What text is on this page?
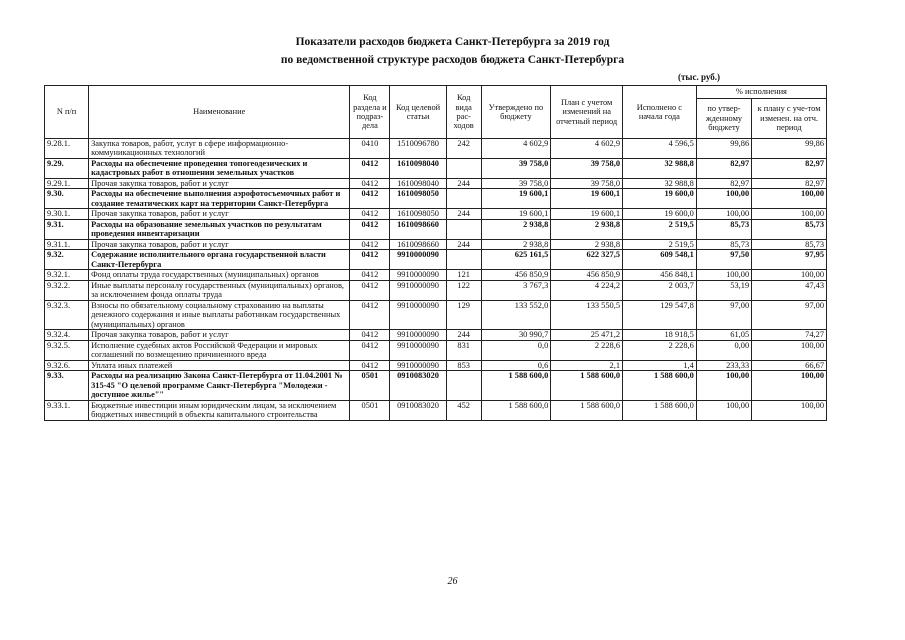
Показатели расходов бюджета Санкт-Петербурга за 2019 год
по ведомственной структуре расходов бюджета Санкт-Петербурга
(тыс. руб.)
N п/п	Наименование	Код раздела и подраз-дела	Код целевой статьи	Код вида рас-ходов	Утверждено по бюджету	План с учетом изменений на отчетный период	Исполнено с начала года	% исполнения	
								по утвер-жденному бюджету	к плану с уче-том изменен. на отч. период
9.28.1.	Закупка товаров, работ, услуг в сфере информационно-коммуникационных технологий	0410	1510096780	242	4 602,9	4 602,9	4 596,5	99,86	99,86
9.29.	Расходы на обеспечение проведения топогеодезических и кадастровых работ в отношении земельных участков	0412	1610098040		39 758,0	39 758,0	32 988,8	82,97	82,97
9.29.1.	Прочая закупка товаров, работ и услуг	0412	1610098040	244	39 758,0	39 758,0	32 988,8	82,97	82,97
9.30.	Расходы на обеспечение выполнения аэрофотосъемочных работ и создание тематических карт на территории Санкт-Петербурга	0412	1610098050		19 600,1	19 600,1	19 600,0	100,00	100,00
9.30.1.	Прочая закупка товаров, работ и услуг	0412	1610098050	244	19 600,1	19 600,1	19 600,0	100,00	100,00
9.31.	Расходы на образование земельных участков по результатам проведения инвентаризации	0412	1610098660		2 938,8	2 938,8	2 519,5	85,73	85,73
9.31.1.	Прочая закупка товаров, работ и услуг	0412	1610098660	244	2 938,8	2 938,8	2 519,5	85,73	85,73
9.32.	Содержание исполнительного органа государственной власти Санкт-Петербурга	0412	9910000090		625 161,5	622 327,5	609 548,1	97,50	97,95
9.32.1.	Фонд оплаты труда государственных (муниципальных) органов	0412	9910000090	121	456 850,9	456 850,9	456 848,1	100,00	100,00
9.32.2.	Иные выплаты персоналу государственных (муниципальных) органов, за исключением фонда оплаты труда	0412	9910000090	122	3 767,3	4 224,2	2 003,7	53,19	47,43
9.32.3.	Взносы по обязательному социальному страхованию на выплаты денежного содержания и иные выплаты работникам государственных (муниципальных) органов	0412	9910000090	129	133 552,0	133 550,5	129 547,8	97,00	97,00
9.32.4.	Прочая закупка товаров, работ и услуг	0412	9910000090	244	30 990,7	25 471,2	18 918,5	61,05	74,27
9.32.5.	Исполнение судебных актов Российской Федерации и мировых соглашений по возмещению причиненного вреда	0412	9910000090	831	0,0	2 228,6	2 228,6	0,00	100,00
9.32.6.	Уплата иных платежей	0412	9910000090	853	0,6	2,1	1,4	233,33	66,67
9.33.	Расходы на реализацию Закона Санкт-Петербурга от 11.04.2001 № 315-45 "О целевой программе Санкт-Петербурга "Молодежи - доступное жилье""	0501	0910083020		1 588 600,0	1 588 600,0	1 588 600,0	100,00	100,00
9.33.1.	Бюджетные инвестиции иным юридическим лицам, за исключением бюджетных инвестиций в объекты капитального строительства	0501	0910083020	452	1 588 600,0	1 588 600,0	1 588 600,0	100,00	100,00
26
